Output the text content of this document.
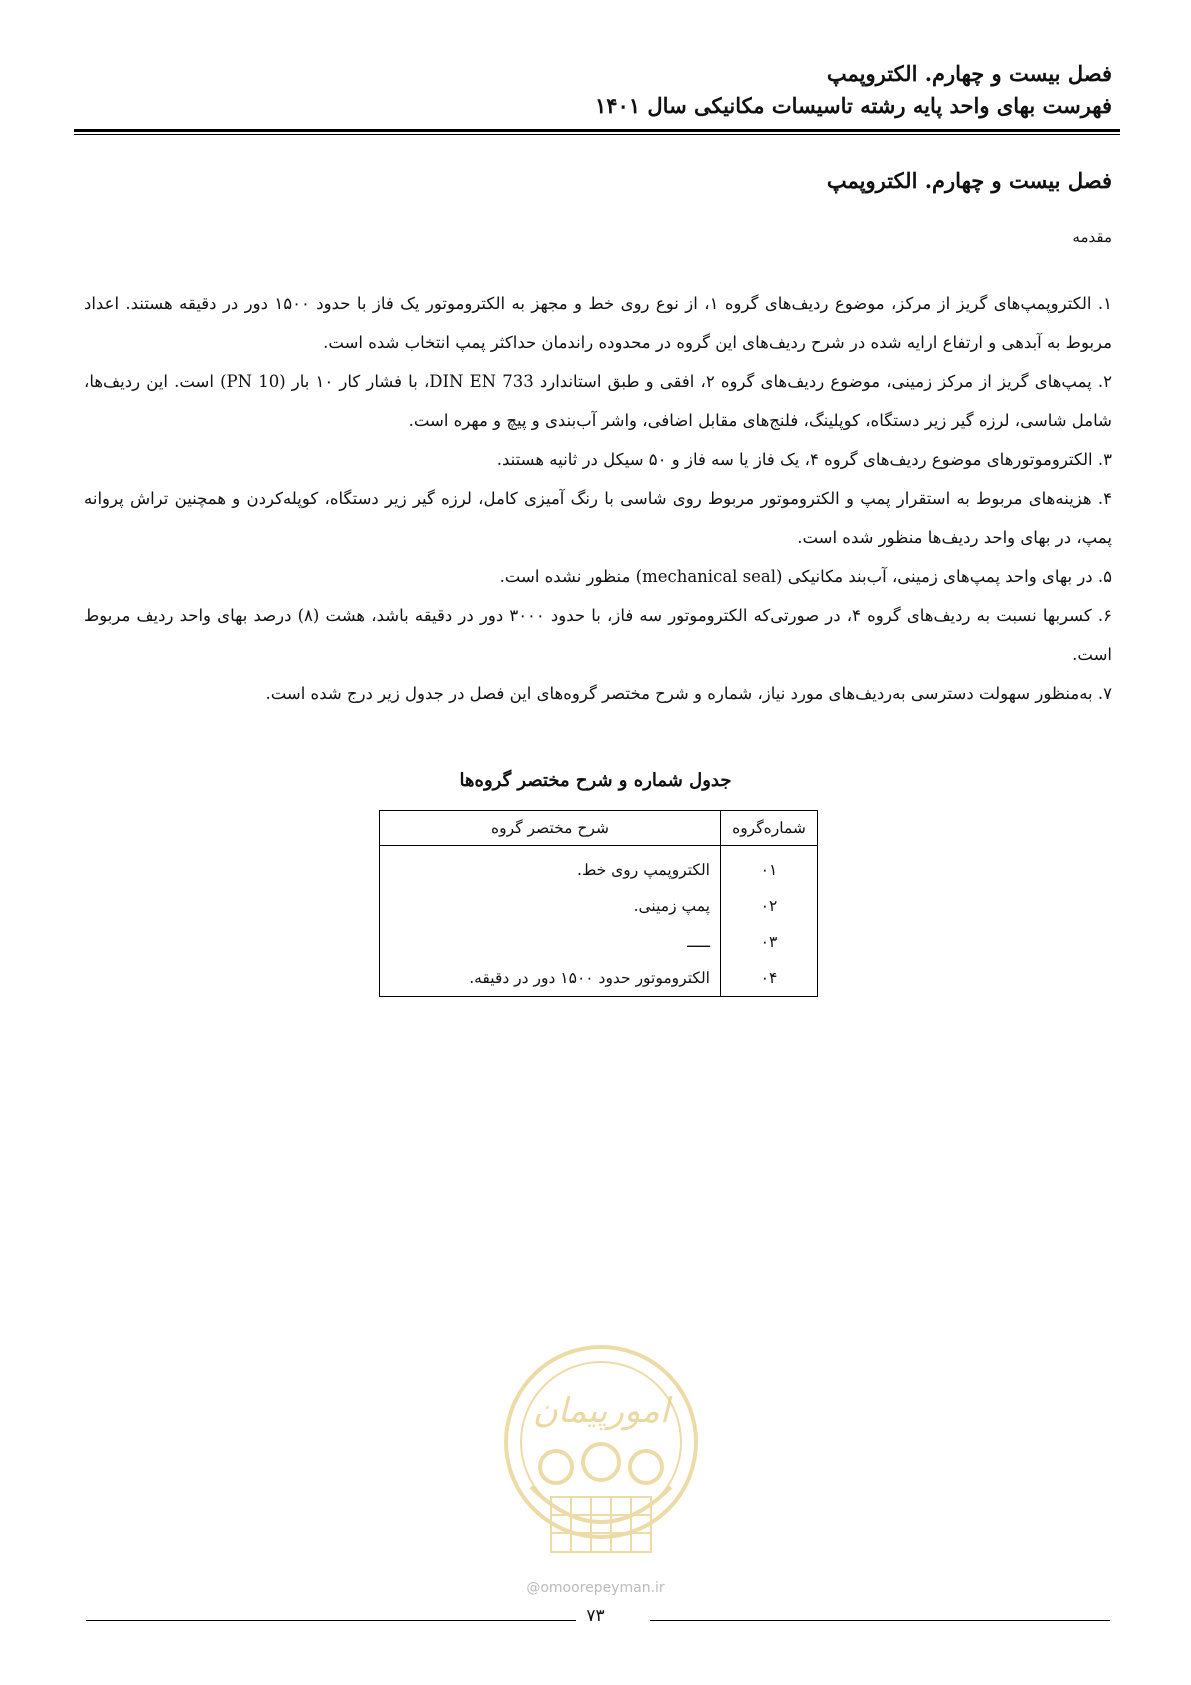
فصل بیست و چهارم. الکتروپمپ
فهرست بهای واحد پایه رشته تاسیسات مکانیکی سال ۱۴۰۱
فصل بیست و چهارم. الکتروپمپ
مقدمه

۱. الکتروپمپ‌های گریز از مرکز، موضوع ردیف‌های گروه ۱، از نوع روی خط و مجهز به الکتروموتور یک فاز با حدود ۱۵۰۰ دور در دقیقه هستند. اعداد مربوط به آبدهی و ارتفاع ارایه شده در شرح ردیف‌های این گروه در محدوده راندمان حداکثر پمپ انتخاب شده است.

۲. پمپ‌های گریز از مرکز زمینی، موضوع ردیف‌های گروه ۲، افقی و طبق استاندارد DIN EN 733، با فشار کار ۱۰ بار (PN 10) است. این ردیف‌ها، شامل شاسی، لرزه گیر زیر دستگاه، کوپلینگ، فلنج‌های مقابل اضافی، واشر آب‌بندی و پیچ و مهره است.

۳. الکتروموتورهای موضوع ردیف‌های گروه ۴، یک فاز یا سه فاز و ۵۰ سیکل در ثانیه هستند.

۴. هزینه‌های مربوط به استقرار پمپ و الکتروموتور مربوط روی شاسی با رنگ آمیزی کامل، لرزه گیر زیر دستگاه، کوپله‌کردن و همچنین تراش پروانه پمپ، در بهای واحد ردیف‌ها منظور شده است.

۵. در بهای واحد پمپ‌های زمینی، آب‌بند مکانیکی (mechanical seal) منظور نشده است.

۶. کسربها نسبت به ردیف‌های گروه ۴، در صورتی‌که الکتروموتور سه فاز، با حدود ۳۰۰۰ دور در دقیقه باشد، هشت (۸) درصد بهای واحد ردیف مربوط است.

۷. به‌منظور سهولت دسترسی به‌ردیف‌های مورد نیاز، شماره و شرح مختصر گروه‌های این فصل در جدول زیر درج شده است.

جدول شماره و شرح مختصر گروه‌ها
شماره‌گروه	شرح مختصر گروه
۰۱	الکتروپمپ روی خط.
۰۲	پمپ زمینی.
۰۳	ـــــ
۰۴	الکتروموتور حدود ۱۵۰۰ دور در دقیقه.
امورپیمان
@omoorepeyman.ir
۷۳
